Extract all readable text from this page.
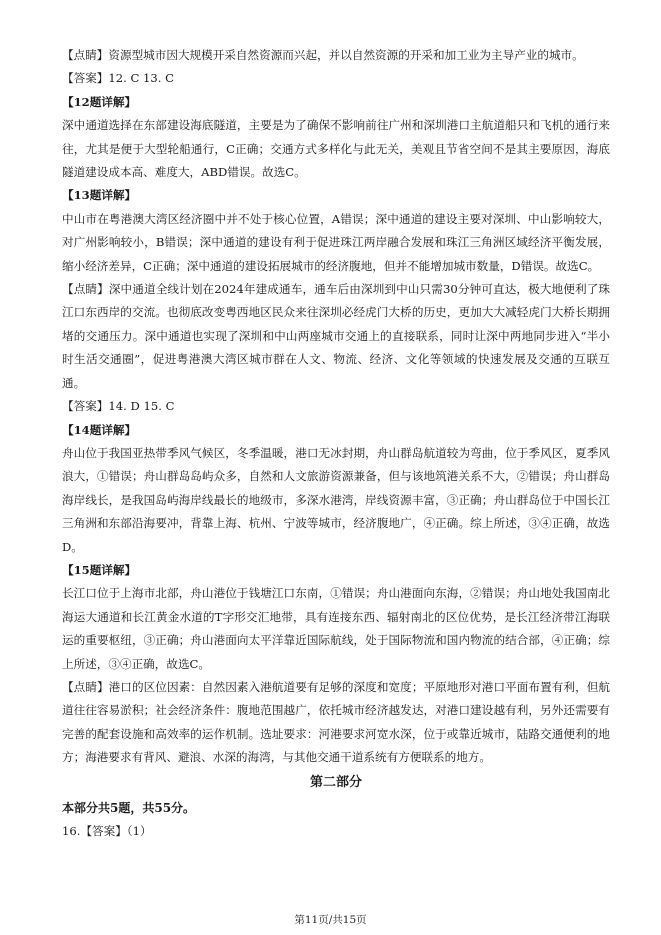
【点睛】资源型城市因大规模开采自然资源而兴起，并以自然资源的开采和加工业为主导产业的城市。

【答案】12. C 13. C

【12题详解】

深中通道选择在东部建设海底隧道，主要是为了确保不影响前往广州和深圳港口主航道船只和飞机的通行来往，尤其是便于大型轮船通行，C正确；交通方式多样化与此无关，美观且节省空间不是其主要原因，海底隧道建设成本高、难度大，ABD错误。故选C。

【13题详解】

中山市在粤港澳大湾区经济圈中并不处于核心位置，A错误；深中通道的建设主要对深圳、中山影响较大，对广州影响较小，B错误；深中通道的建设有利于促进珠江两岸融合发展和珠江三角洲区域经济平衡发展，缩小经济差异，C正确；深中通道的建设拓展城市的经济腹地，但并不能增加城市数量，D错误。故选C。

【点睛】深中通道全线计划在2024年建成通车，通车后由深圳到中山只需30分钟可直达，极大地便利了珠江口东西岸的交流。也彻底改变粤西地区民众来往深圳必经虎门大桥的历史，更加大大减轻虎门大桥长期拥堵的交通压力。深中通道也实现了深圳和中山两座城市交通上的直接联系，同时让深中两地同步进入“半小时生活交通圈”，促进粤港澳大湾区城市群在人文、物流、经济、文化等领域的快速发展及交通的互联互通。

【答案】14. D 15. C

【14题详解】

舟山位于我国亚热带季风气候区，冬季温暖，港口无冰封期，舟山群岛航道较为弯曲，位于季风区，夏季风浪大，①错误；舟山群岛岛屿众多，自然和人文旅游资源兼备，但与该地筑港关系不大，②错误；舟山群岛海岸线长，是我国岛屿海岸线最长的地级市，多深水港湾，岸线资源丰富，③正确；舟山群岛位于中国长江三角洲和东部沿海要冲，背靠上海、杭州、宁波等城市，经济腹地广，④正确。综上所述，③④正确，故选D。

【15题详解】

长江口位于上海市北部，舟山港位于钱塘江口东南，①错误；舟山港面向东海，②错误；舟山地处我国南北海运大通道和长江黄金水道的T字形交汇地带，具有连接东西、辐射南北的区位优势，是长江经济带江海联运的重要枢纽，③正确；舟山港面向太平洋靠近国际航线，处于国际物流和国内物流的结合部，④正确；综上所述，③④正确，故选C。

【点睛】港口的区位因素：自然因素入港航道要有足够的深度和宽度；平原地形对港口平面布置有利，但航道往往容易淤积；社会经济条件：腹地范围越广，依托城市经济越发达，对港口建设越有利，另外还需要有完善的配套设施和高效率的运作机制。选址要求：河港要求河宽水深，位于或靠近城市，陆路交通便利的地方；海港要求有背风、避浪、水深的海湾，与其他交通干道系统有方便联系的地方。

第二部分

本部分共5题，共55分。

16.【答案】（1）

第11页/共15页
